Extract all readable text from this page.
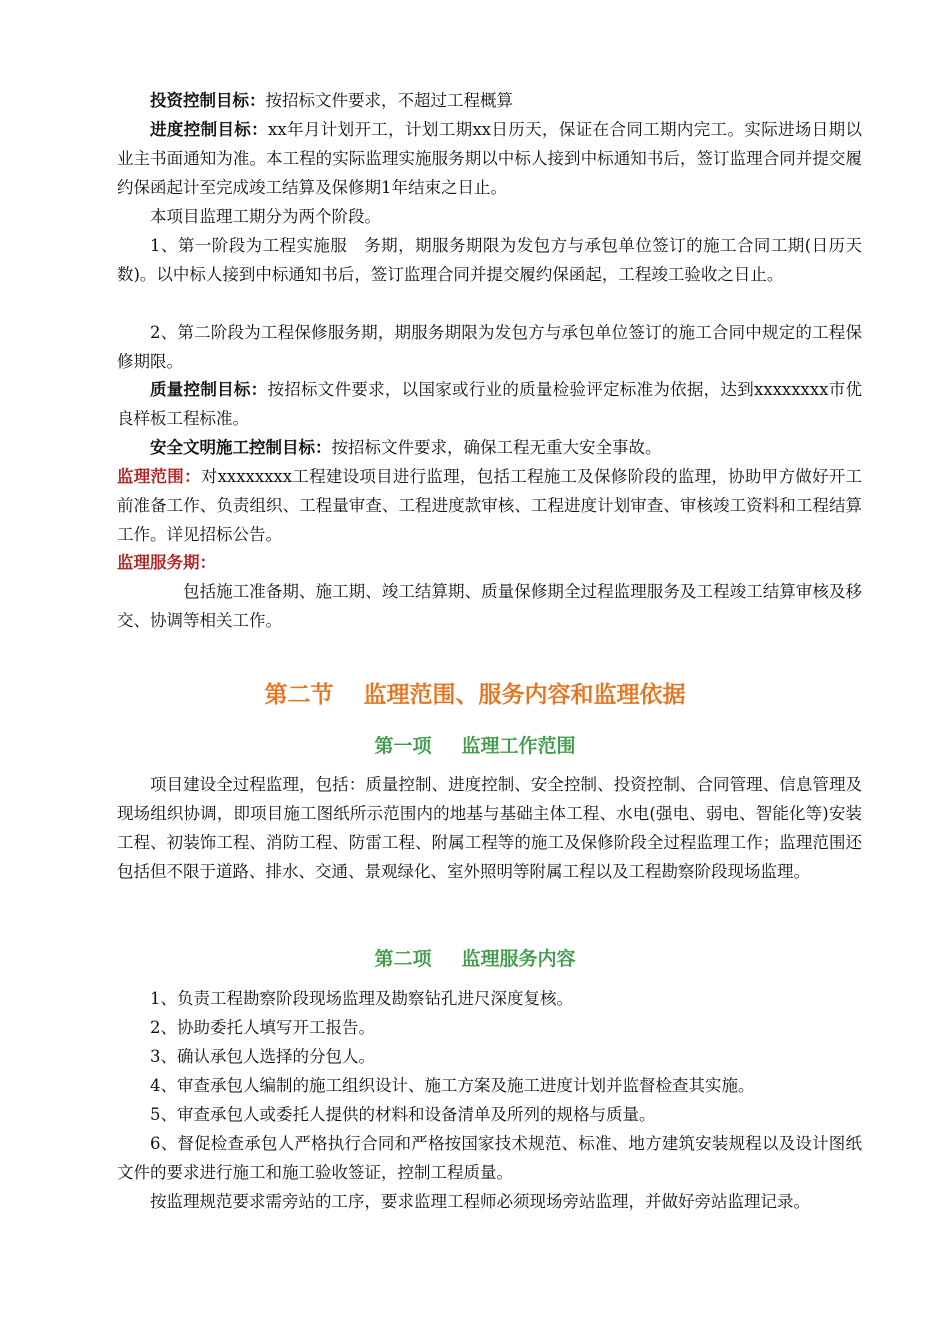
投资控制目标：按招标文件要求，不超过工程概算

进度控制目标：xx年月计划开工，计划工期xx日历天，保证在合同工期内完工。实际进场日期以业主书面通知为准。本工程的实际监理实施服务期以中标人接到中标通知书后，签订监理合同并提交履约保函起计至完成竣工结算及保修期1年结束之日止。

本项目监理工期分为两个阶段。

1、第一阶段为工程实施服　务期，期服务期限为发包方与承包单位签订的施工合同工期(日历天数)。以中标人接到中标通知书后，签订监理合同并提交履约保函起，工程竣工验收之日止。

2、第二阶段为工程保修服务期，期服务期限为发包方与承包单位签订的施工合同中规定的工程保修期限。

质量控制目标：按招标文件要求，以国家或行业的质量检验评定标准为依据，达到xxxxxxxx市优良样板工程标准。

安全文明施工控制目标：按招标文件要求，确保工程无重大安全事故。

监理范围：对xxxxxxxx工程建设项目进行监理，包括工程施工及保修阶段的监理，协助甲方做好开工前准备工作、负责组织、工程量审查、工程进度款审核、工程进度计划审查、审核竣工资料和工程结算工作。详见招标公告。

监理服务期：

包括施工准备期、施工期、竣工结算期、质量保修期全过程监理服务及工程竣工结算审核及移交、协调等相关工作。

第二节 监理范围、服务内容和监理依据
第一项 监理工作范围

项目建设全过程监理，包括：质量控制、进度控制、安全控制、投资控制、合同管理、信息管理及现场组织协调，即项目施工图纸所示范围内的地基与基础主体工程、水电(强电、弱电、智能化等)安装工程、初装饰工程、消防工程、防雷工程、附属工程等的施工及保修阶段全过程监理工作；监理范围还包括但不限于道路、排水、交通、景观绿化、室外照明等附属工程以及工程勘察阶段现场监理。

第二项 监理服务内容

1、负责工程勘察阶段现场监理及勘察钻孔进尺深度复核。

2、协助委托人填写开工报告。

3、确认承包人选择的分包人。

4、审查承包人编制的施工组织设计、施工方案及施工进度计划并监督检查其实施。

5、审查承包人或委托人提供的材料和设备清单及所列的规格与质量。

6、督促检查承包人严格执行合同和严格按国家技术规范、标准、地方建筑安装规程以及设计图纸文件的要求进行施工和施工验收签证，控制工程质量。

按监理规范要求需旁站的工序，要求监理工程师必须现场旁站监理，并做好旁站监理记录。
